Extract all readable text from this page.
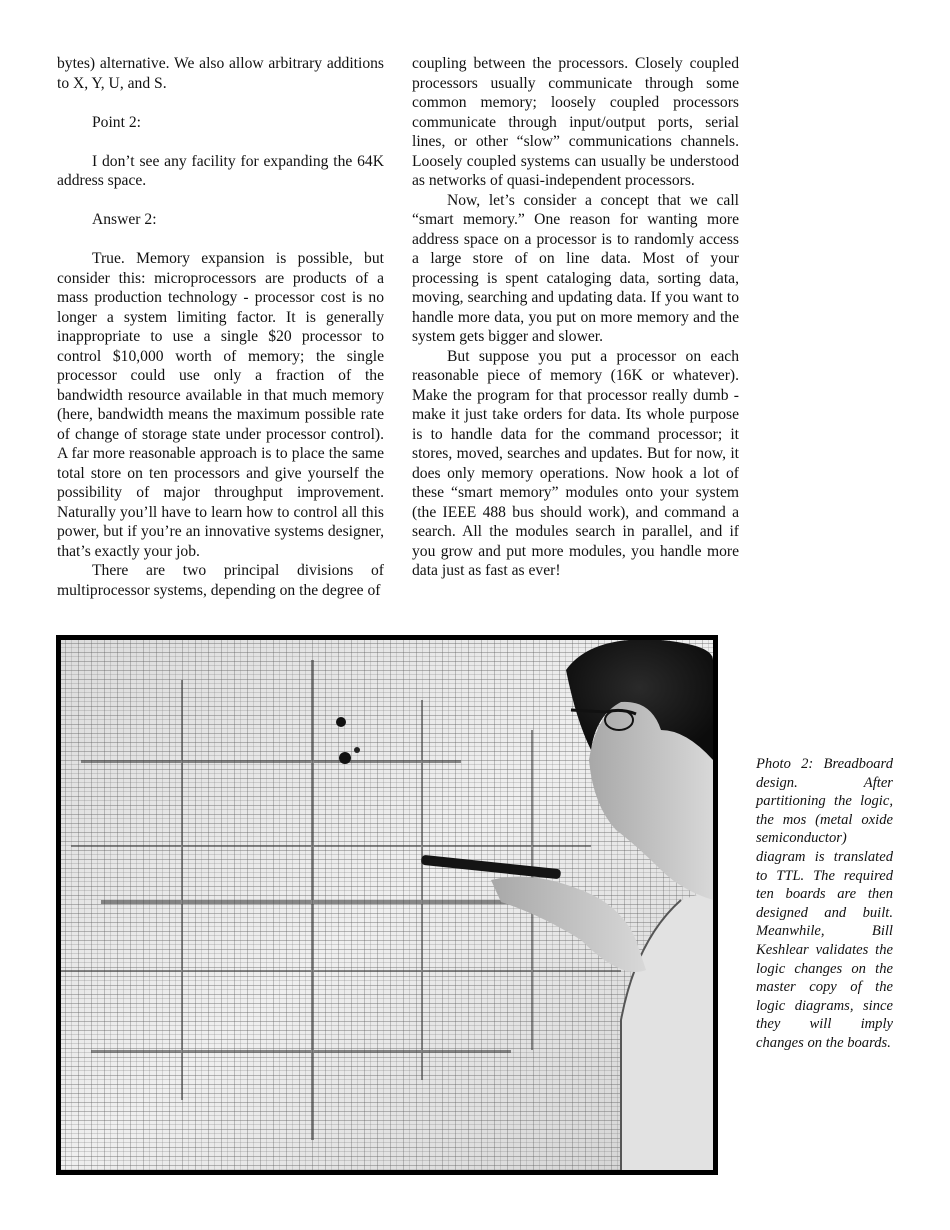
bytes) alternative. We also allow arbitrary additions to X, Y, U, and S.

Point 2:

I don’t see any facility for expanding the 64K address space.

Answer 2:

True. Memory expansion is possible, but consider this: microprocessors are products of a mass production technology - processor cost is no longer a system limiting factor. It is generally inappropriate to use a single $20 processor to control $10,000 worth of memory; the single processor could use only a fraction of the bandwidth resource available in that much memory (here, bandwidth means the maximum possible rate of change of storage state under processor control). A far more reasonable approach is to place the same total store on ten processors and give yourself the possibility of major throughput improvement. Naturally you’ll have to learn how to control all this power, but if you’re an innovative systems designer, that’s exactly your job.

There are two principal divisions of multiprocessor systems, depending on the degree of

coupling between the processors. Closely coupled processors usually communicate through some common memory; loosely coupled processors communicate through input/output ports, serial lines, or other “slow” communications channels. Loosely coupled systems can usually be understood as networks of quasi-independent processors.

Now, let’s consider a concept that we call “smart memory.” One reason for wanting more address space on a processor is to randomly access a large store of on line data. Most of your processing is spent cataloging data, sorting data, moving, searching and updating data. If you want to handle more data, you put on more memory and the system gets bigger and slower.

But suppose you put a processor on each reasonable piece of memory (16K or whatever). Make the program for that processor really dumb - make it just take orders for data. Its whole purpose is to handle data for the command processor; it stores, moved, searches and updates. But for now, it does only memory operations. Now hook a lot of these “smart memory” modules onto your system (the IEEE 488 bus should work), and command a search. All the modules search in parallel, and if you grow and put more modules, you handle more data just as fast as ever!

Photo 2: Breadboard design. After partitioning the logic, the mos (metal oxide semiconductor) diagram is translated to TTL. The required ten boards are then designed and built. Meanwhile, Bill Keshlear validates the logic changes on the master copy of the logic diagrams, since they will imply changes on the boards.
